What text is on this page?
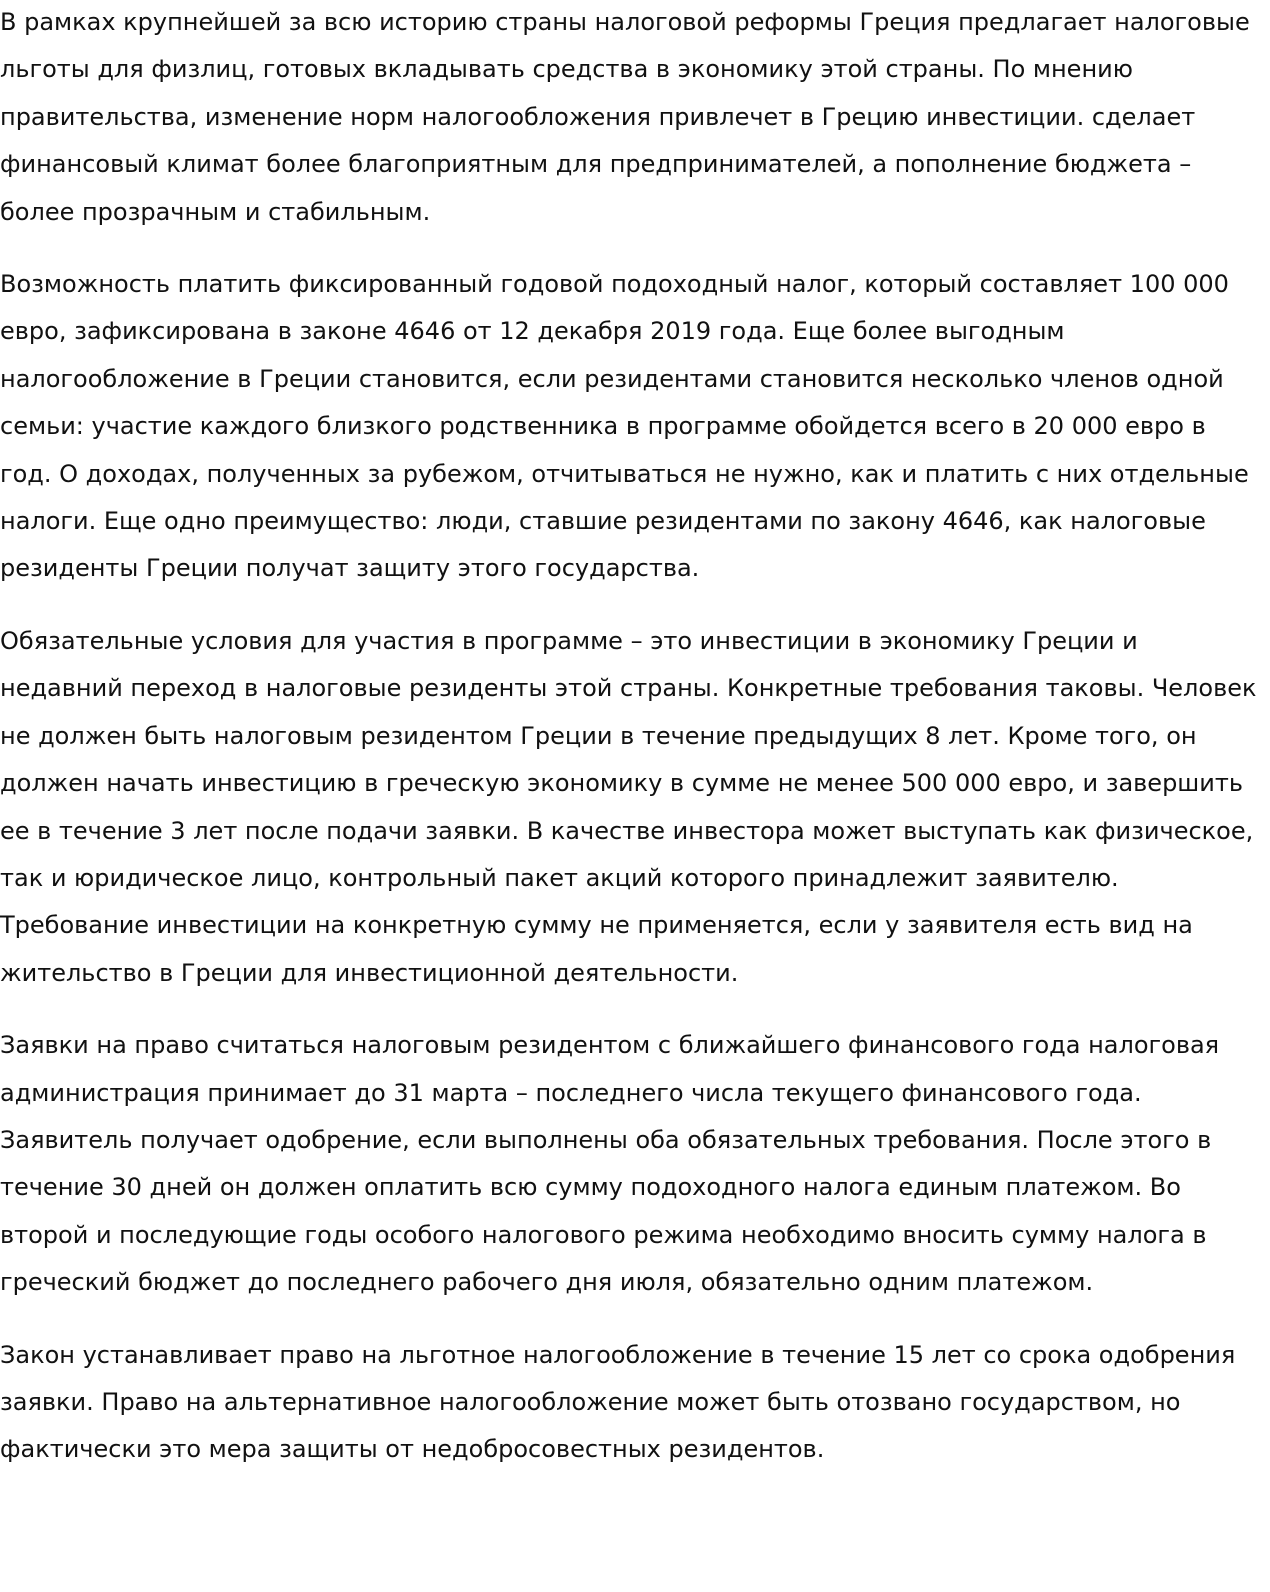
В рамках крупнейшей за всю историю страны налоговой реформы Греция предлагает налоговые льготы для физлиц, готовых вкладывать средства в экономику этой страны. По мнению правительства, изменение норм налогообложения привлечет в Грецию инвестиции. сделает финансовый климат более благоприятным для предпринимателей, а пополнение бюджета – более прозрачным и стабильным.

Возможность платить фиксированный годовой подоходный налог, который составляет 100 000 евро, зафиксирована в законе 4646 от 12 декабря 2019 года. Еще более выгодным налогообложение в Греции становится, если резидентами становится несколько членов одной семьи: участие каждого близкого родственника в программе обойдется всего в 20 000 евро в год. О доходах, полученных за рубежом, отчитываться не нужно, как и платить с них отдельные налоги. Еще одно преимущество: люди, ставшие резидентами по закону 4646, как налоговые резиденты Греции получат защиту этого государства.

Обязательные условия для участия в программе – это инвестиции в экономику Греции и недавний переход в налоговые резиденты этой страны. Конкретные требования таковы. Человек не должен быть налоговым резидентом Греции в течение предыдущих 8 лет. Кроме того, он должен начать инвестицию в греческую экономику в сумме не менее 500 000 евро, и завершить ее в течение 3 лет после подачи заявки. В качестве инвестора может выступать как физическое, так и юридическое лицо, контрольный пакет акций которого принадлежит заявителю. Требование инвестиции на конкретную сумму не применяется, если у заявителя есть вид на жительство в Греции для инвестиционной деятельности.

Заявки на право считаться налоговым резидентом с ближайшего финансового года налоговая администрация принимает до 31 марта – последнего числа текущего финансового года. Заявитель получает одобрение, если выполнены оба обязательных требования. После этого в течение 30 дней он должен оплатить всю сумму подоходного налога единым платежом. Во второй и последующие годы особого налогового режима необходимо вносить сумму налога в греческий бюджет до последнего рабочего дня июля, обязательно одним платежом.

Закон устанавливает право на льготное налогообложение в течение 15 лет со срока одобрения заявки. Право на альтернативное налогообложение может быть отозвано государством, но фактически это мера защиты от недобросовестных резидентов.
